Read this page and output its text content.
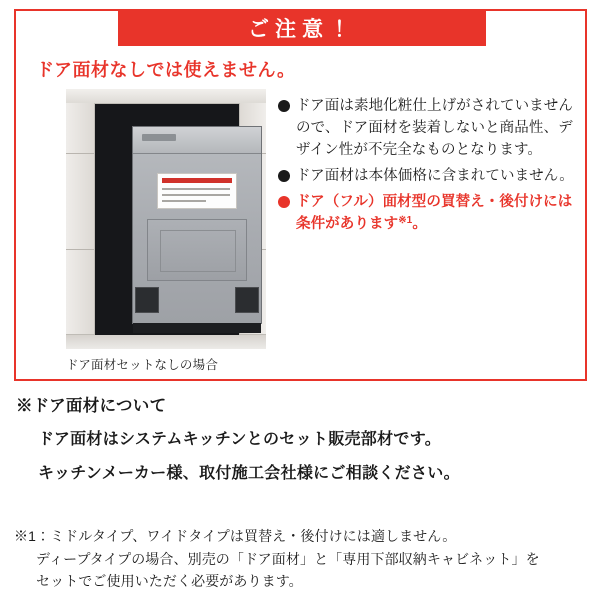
ご注意！
ドア面材なしでは使えません。
ドア面材セットなしの場合
ドア面は素地化粧仕上げがされていませんので、ドア面材を装着しないと商品性、デザイン性が不完全なものとなります。
ドア面材は本体価格に含まれていません。
ドア（フル）面材型の買替え・後付けには条件があります$^{※1}$。
※ドア面材について
ドア面材はシステムキッチンとのセット販売部材です。
キッチンメーカー様、取付施工会社様にご相談ください。
※1：ミドルタイプ、ワイドタイプは買替え・後付けには適しません。
ディープタイプの場合、別売の「ドア面材」と「専用下部収納キャビネット」を
セットでご使用いただく必要があります。
